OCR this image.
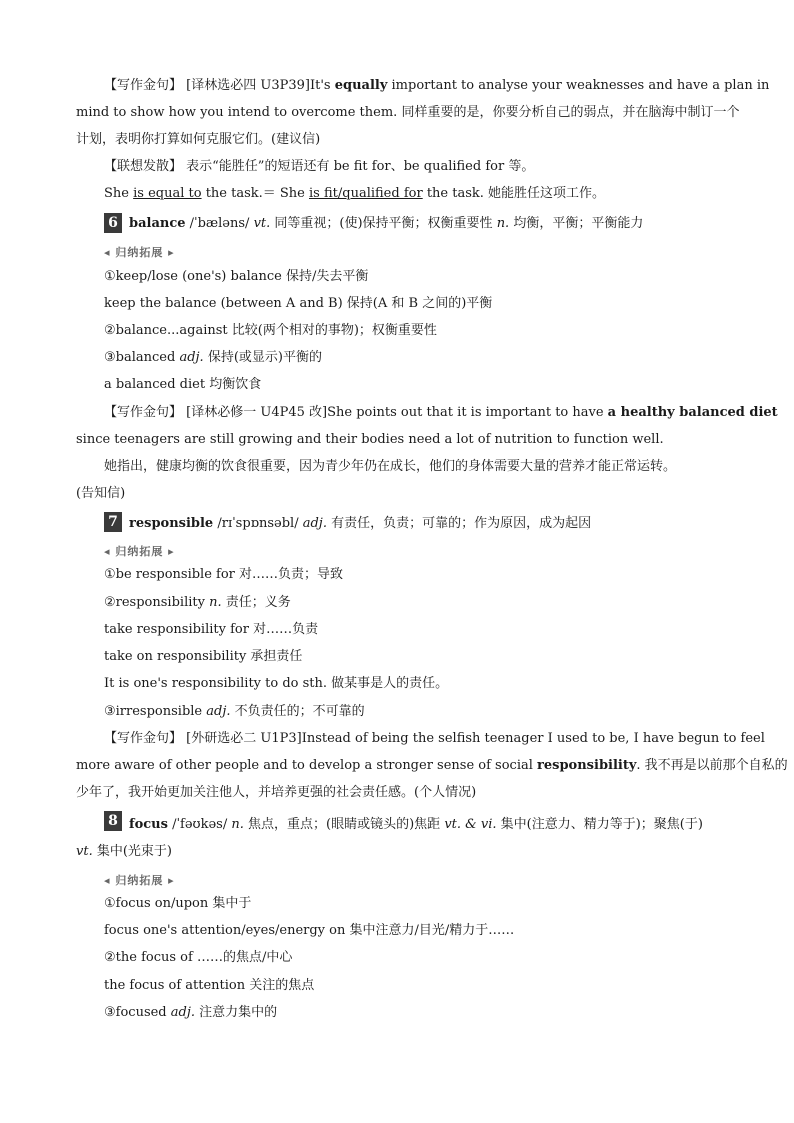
【写作金句】 [译林选必四 U3P39]It's equally important to analyse your weaknesses and have a plan in
mind to show how you intend to overcome them. 同样重要的是，你要分析自己的弱点，并在脑海中制订一个
计划，表明你打算如何克服它们。(建议信)
【联想发散】 表示“能胜任”的短语还有 be fit for、be qualified for 等。
She is equal to the task.＝ She is fit/qualified for the task. 她能胜任这项工作。
6 balance /ˈbæləns/ vt. 同等重视；(使)保持平衡；权衡重要性 n. 均衡，平衡；平衡能力
◂ 归纳拓展 ▸
①keep/lose (one's) balance 保持/失去平衡
keep the balance (between A and B) 保持(A 和 B 之间的)平衡
②balance...against 比较(两个相对的事物)；权衡重要性
③balanced adj. 保持(或显示)平衡的
a balanced diet 均衡饮食
【写作金句】 [译林必修一 U4P45 改]She points out that it is important to have a healthy balanced diet
since teenagers are still growing and their bodies need a lot of nutrition to function well.
她指出，健康均衡的饮食很重要，因为青少年仍在成长，他们的身体需要大量的营养才能正常运转。
(告知信)
7 responsible /rɪˈspɒnsəbl/ adj. 有责任，负责；可靠的；作为原因，成为起因
◂ 归纳拓展 ▸
①be responsible for 对……负责；导致
②responsibility n. 责任；义务
take responsibility for 对……负责
take on responsibility 承担责任
It is one's responsibility to do sth. 做某事是人的责任。
③irresponsible adj. 不负责任的；不可靠的
【写作金句】 [外研选必二 U1P3]Instead of being the selfish teenager I used to be, I have begun to feel
more aware of other people and to develop a stronger sense of social responsibility. 我不再是以前那个自私的
少年了，我开始更加关注他人，并培养更强的社会责任感。(个人情况)
8 focus /ˈfəʊkəs/ n. 焦点，重点；(眼睛或镜头的)焦距 vt. & vi. 集中(注意力、精力等于)；聚焦(于)
vt. 集中(光束于)
◂ 归纳拓展 ▸
①focus on/upon 集中于
focus one's attention/eyes/energy on 集中注意力/目光/精力于……
②the focus of ……的焦点/中心
the focus of attention 关注的焦点
③focused adj. 注意力集中的
